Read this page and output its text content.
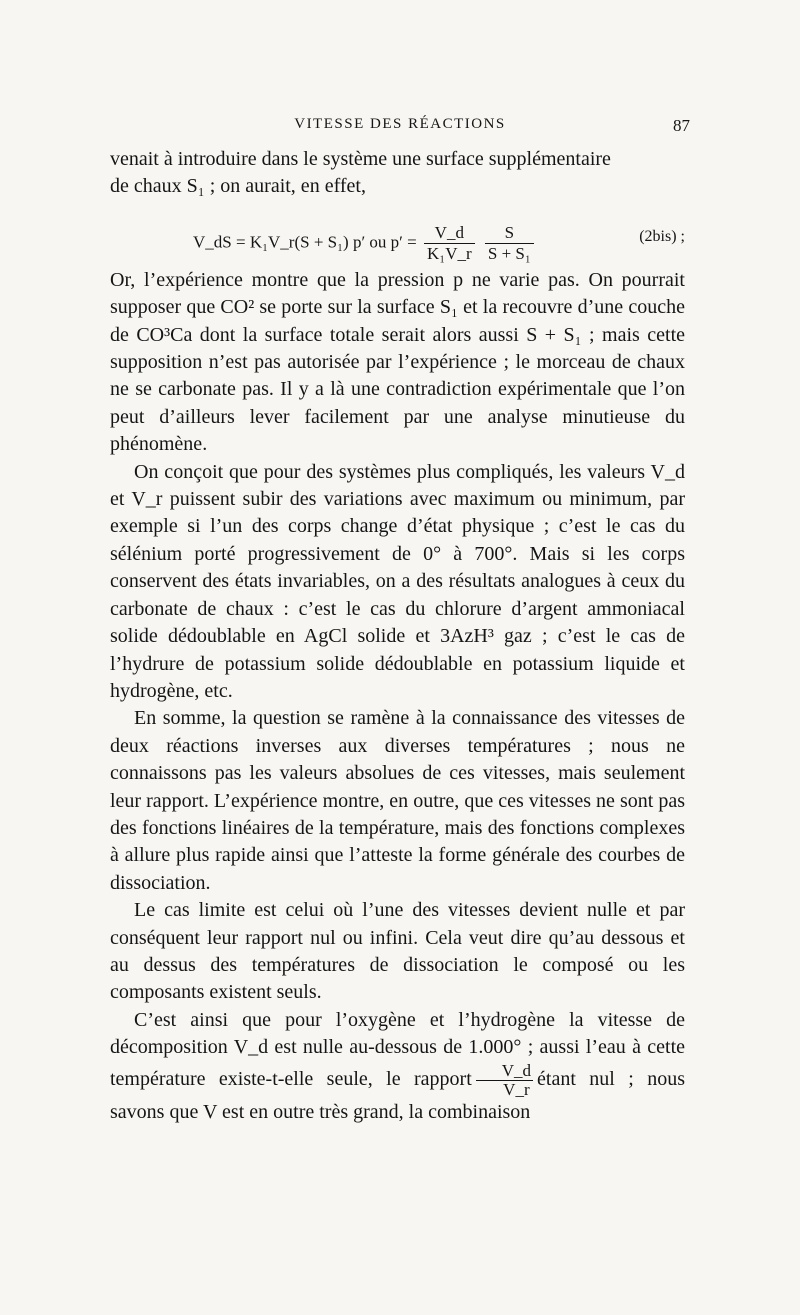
VITESSE DES RÉACTIONS	87

venait à introduire dans le système une surface supplémentaire

de chaux S₁ ; on aurait, en effet,

V_dS = K₁V_r(S + S₁) p′ ou $p' = \frac{V\_d}{\text{K₁V\_r}}$
$\frac{S}{\text{S + S₁}}$	(2bis) ;

Or, l’expérience montre que la pression p ne varie pas. On pourrait supposer que CO² se porte sur la surface S₁ et la recouvre d’une couche de CO³Ca dont la surface totale serait alors aussi S + S₁ ; mais cette supposition n’est pas autorisée par l’expérience ; le morceau de chaux ne se carbonate pas. Il y a là une contradiction expérimentale que l’on peut d’ailleurs lever facilement par une analyse minutieuse du phénomène.

On conçoit que pour des systèmes plus compliqués, les valeurs V_d et V_r puissent subir des variations avec maximum ou minimum, par exemple si l’un des corps change d’état physique ; c’est le cas du sélénium porté progressivement de 0° à 700°. Mais si les corps conservent des états invariables, on a des résultats analogues à ceux du carbonate de chaux : c’est le cas du chlorure d’argent ammoniacal solide dédoublable en AgCl solide et 3AzH³ gaz ; c’est le cas de l’hydrure de potassium solide dédoublable en potassium liquide et hydrogène, etc.

En somme, la question se ramène à la connaissance des vitesses de deux réactions inverses aux diverses températures ; nous ne connaissons pas les valeurs absolues de ces vitesses, mais seulement leur rapport. L’expérience montre, en outre, que ces vitesses ne sont pas des fonctions linéaires de la température, mais des fonctions complexes à allure plus rapide ainsi que l’atteste la forme générale des courbes de dissociation.

Le cas limite est celui où l’une des vitesses devient nulle et par conséquent leur rapport nul ou infini. Cela veut dire qu’au dessous et au dessus des températures de dissociation le composé ou les composants existent seuls.

C’est ainsi que pour l’oxygène et l’hydrogène la vitesse de décomposition V_d est nulle au-dessous de 1.000° ; aussi l’eau à cette température existe-t-elle seule, le rapport $\frac{V\_d}{V\_r}$ étant nul ; nous savons que V est en outre très grand, la combinaison
